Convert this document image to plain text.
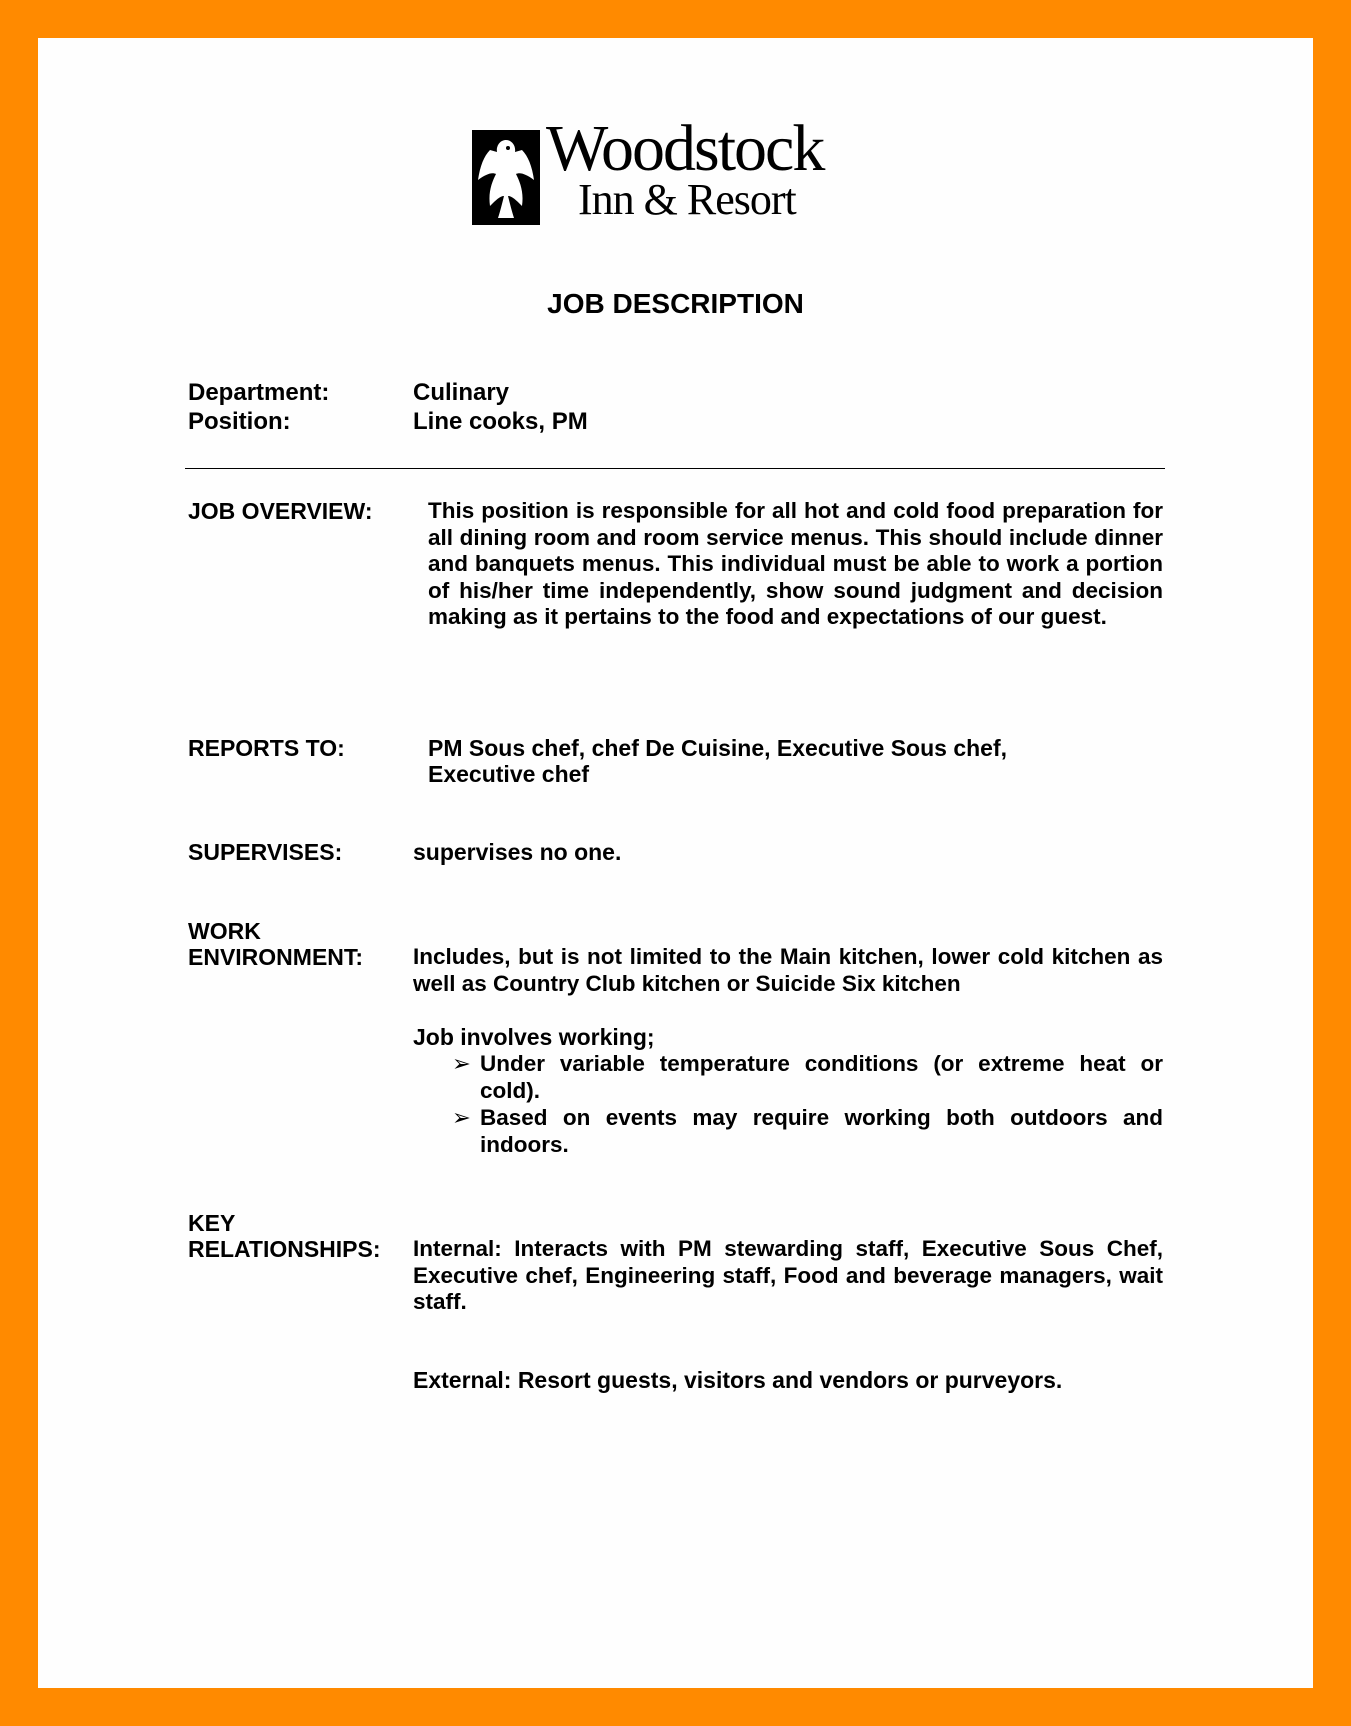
Woodstock
Inn & Resort
JOB DESCRIPTION
Department:	Culinary
Position:	Line cooks, PM
JOB OVERVIEW: This position is responsible for all hot and cold food preparation for all dining room and room service menus. This should include dinner and banquets menus. This individual must be able to work a portion of his/her time independently, show sound judgment and decision making as it pertains to the food and expectations of our guest.
REPORTS TO:	PM Sous chef, chef De Cuisine, Executive Sous chef,
Executive chef
SUPERVISES:	supervises no one.
WORK
ENVIRONMENT: Includes, but is not limited to the Main kitchen, lower cold kitchen as well as Country Club kitchen or Suicide Six kitchen
Job involves working;
➢ Under variable temperature conditions (or extreme heat or cold).
➢ Based on events may require working both outdoors and indoors.
KEY
RELATIONSHIPS: Internal: Interacts with PM stewarding staff, Executive Sous Chef, Executive chef, Engineering staff, Food and beverage managers, wait staff.
External: Resort guests, visitors and vendors or purveyors.
